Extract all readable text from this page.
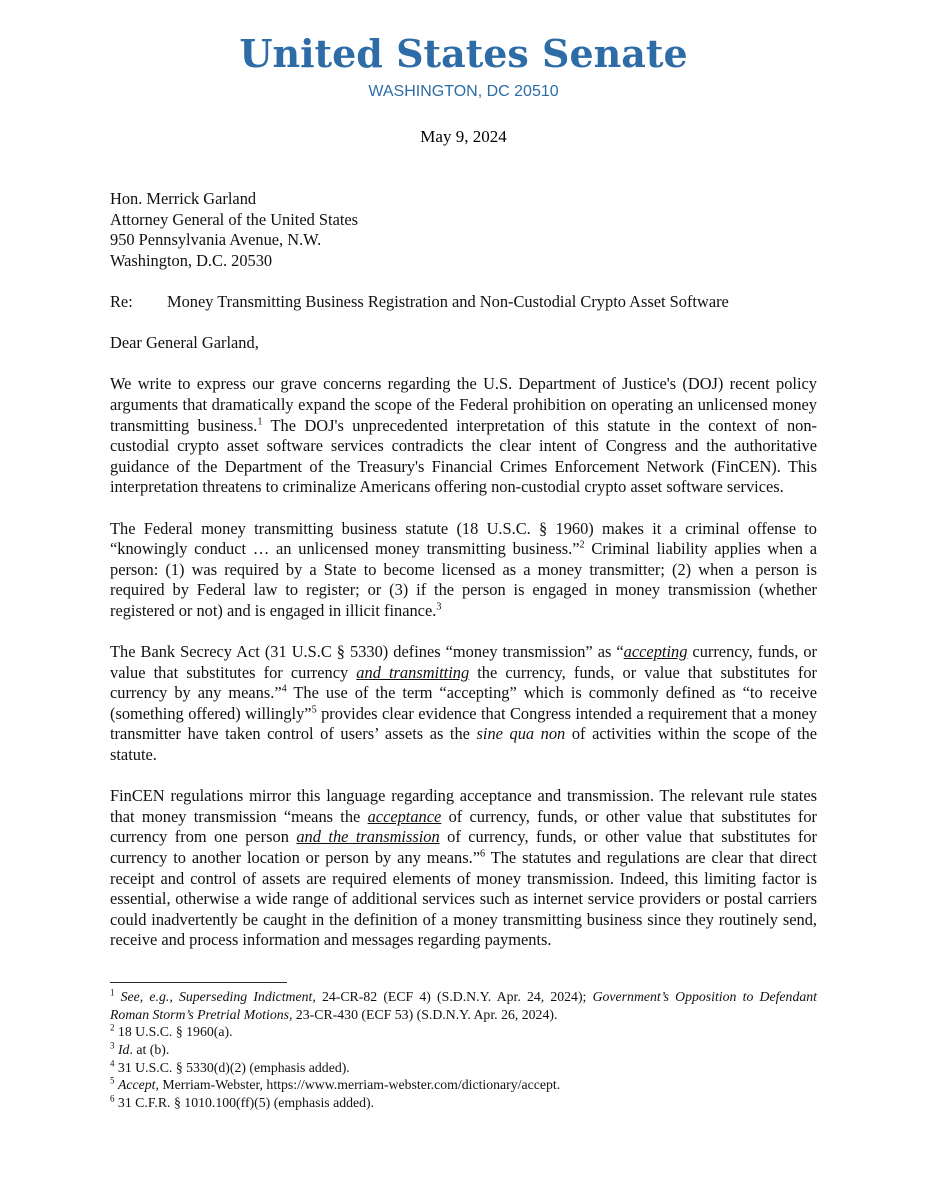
United States Senate
WASHINGTON, DC 20510
May 9, 2024
Hon. Merrick Garland
Attorney General of the United States
950 Pennsylvania Avenue, N.W.
Washington, D.C. 20530
Re: Money Transmitting Business Registration and Non-Custodial Crypto Asset Software
Dear General Garland,

We write to express our grave concerns regarding the U.S. Department of Justice's (DOJ) recent policy arguments that dramatically expand the scope of the Federal prohibition on operating an unlicensed money transmitting business.$^1$ The DOJ's unprecedented interpretation of this statute in the context of non-custodial crypto asset software services contradicts the clear intent of Congress and the authoritative guidance of the Department of the Treasury's Financial Crimes Enforcement Network (FinCEN). This interpretation threatens to criminalize Americans offering non-custodial crypto asset software services.

The Federal money transmitting business statute (18 U.S.C. § 1960) makes it a criminal offense to “knowingly conduct … an unlicensed money transmitting business.”$^2$ Criminal liability applies when a person: (1) was required by a State to become licensed as a money transmitter; (2) when a person is required by Federal law to register; or (3) if the person is engaged in money transmission (whether registered or not) and is engaged in illicit finance.$^3$

The Bank Secrecy Act (31 U.S.C § 5330) defines “money transmission” as “accepting currency, funds, or value that substitutes for currency and transmitting the currency, funds, or value that substitutes for currency by any means.”$^4$ The use of the term “accepting” which is commonly defined as “to receive (something offered) willingly”$^5$ provides clear evidence that Congress intended a requirement that a money transmitter have taken control of users’ assets as the sine qua non of activities within the scope of the statute.

FinCEN regulations mirror this language regarding acceptance and transmission. The relevant rule states that money transmission “means the acceptance of currency, funds, or other value that substitutes for currency from one person and the transmission of currency, funds, or other value that substitutes for currency to another location or person by any means.”$^6$ The statutes and regulations are clear that direct receipt and control of assets are required elements of money transmission. Indeed, this limiting factor is essential, otherwise a wide range of additional services such as internet service providers or postal carriers could inadvertently be caught in the definition of a money transmitting business since they routinely send, receive and process information and messages regarding payments.

$^1$ See, e.g., Superseding Indictment, 24-CR-82 (ECF 4) (S.D.N.Y. Apr. 24, 2024); Government’s Opposition to Defendant Roman Storm’s Pretrial Motions, 23-CR-430 (ECF 53) (S.D.N.Y. Apr. 26, 2024).
$^2$ 18 U.S.C. § 1960(a).
$^3$ Id. at (b).
$^4$ 31 U.S.C. § 5330(d)(2) (emphasis added).
$^5$ Accept, Merriam-Webster, https://www.merriam-webster.com/dictionary/accept.
$^6$ 31 C.F.R. § 1010.100(ff)(5) (emphasis added).
